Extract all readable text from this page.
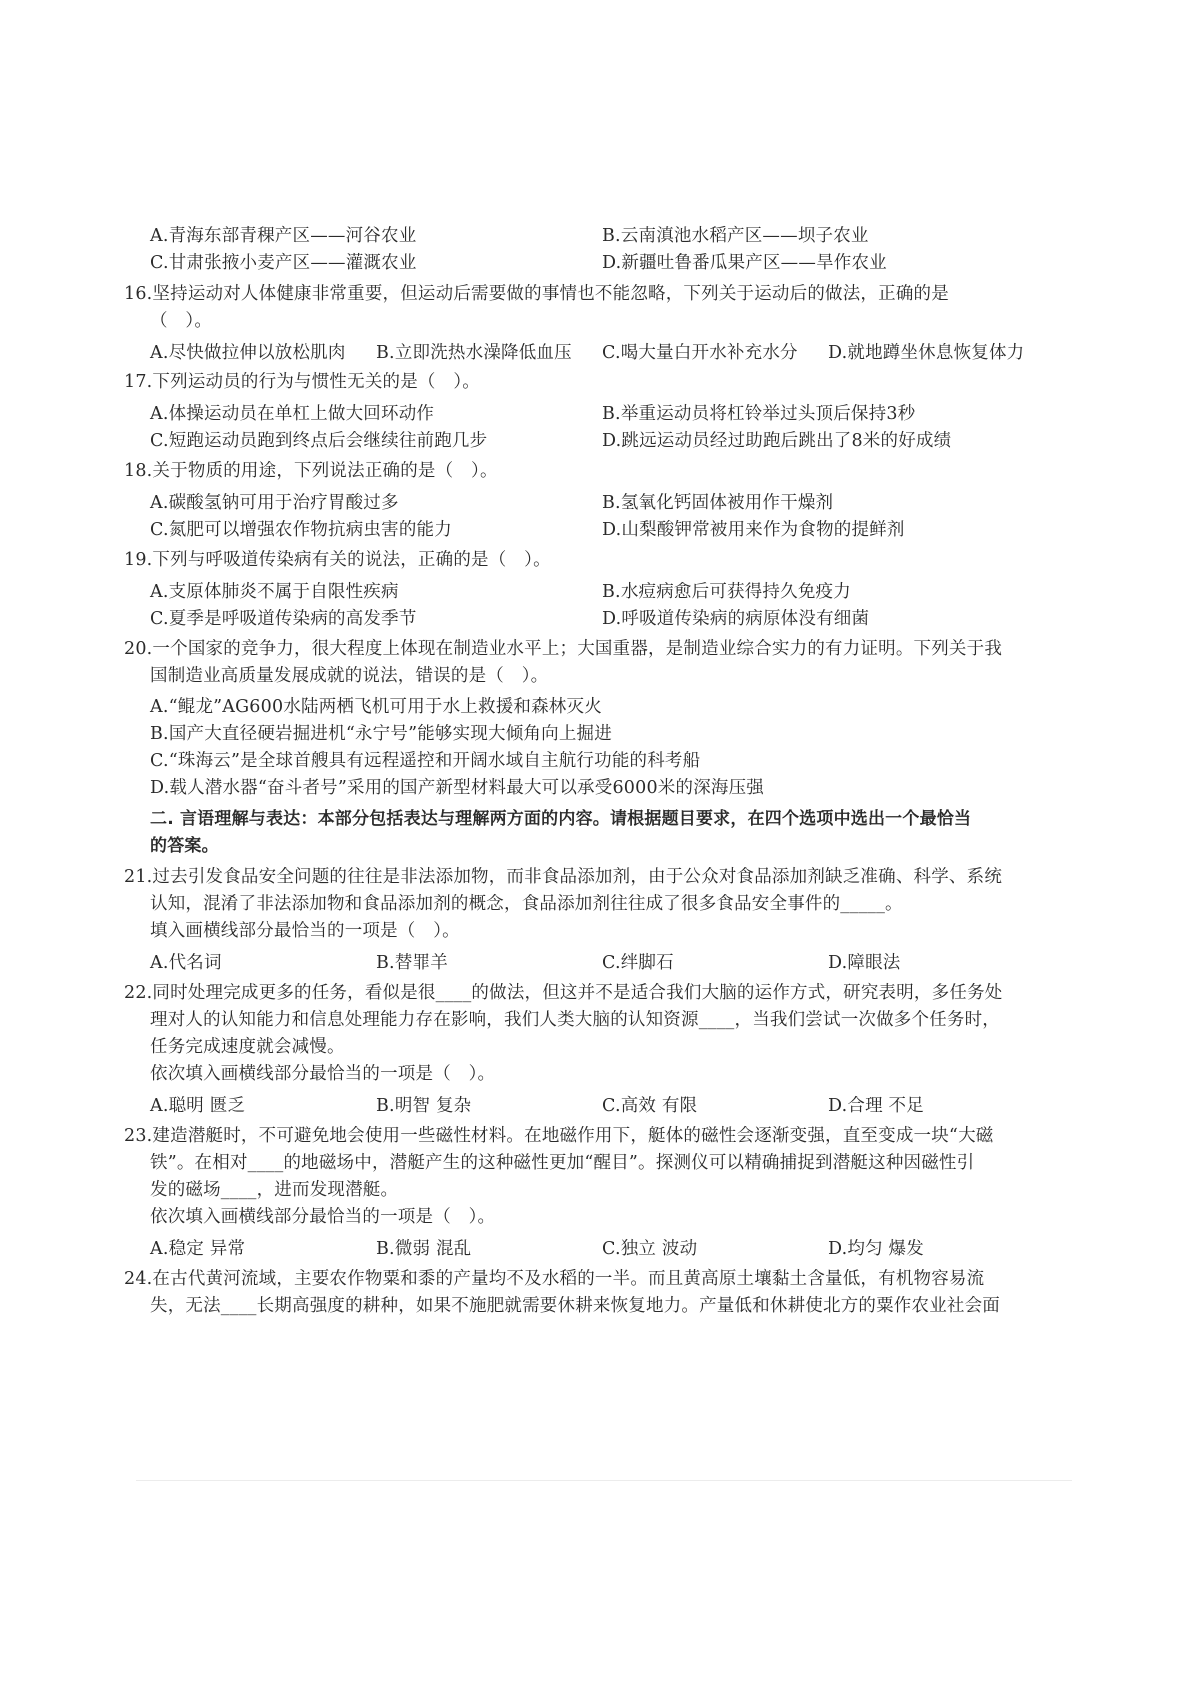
A.青海东部青稞产区——河谷农业	B.云南滇池水稻产区——坝子农业
C.甘肃张掖小麦产区——灌溉农业	D.新疆吐鲁番瓜果产区——旱作农业
16.坚持运动对人体健康非常重要，但运动后需要做的事情也不能忽略，下列关于运动后的做法，正确的是
（　）。
A.尽快做拉伸以放松肌肉 B.立即洗热水澡降低血压 C.喝大量白开水补充水分 D.就地蹲坐休息恢复体力
17.下列运动员的行为与惯性无关的是（　）。
A.体操运动员在单杠上做大回环动作	B.举重运动员将杠铃举过头顶后保持3秒
C.短跑运动员跑到终点后会继续往前跑几步	D.跳远运动员经过助跑后跳出了8米的好成绩
18.关于物质的用途，下列说法正确的是（　）。
A.碳酸氢钠可用于治疗胃酸过多	B.氢氧化钙固体被用作干燥剂
C.氮肥可以增强农作物抗病虫害的能力	D.山梨酸钾常被用来作为食物的提鲜剂
19.下列与呼吸道传染病有关的说法，正确的是（　）。
A.支原体肺炎不属于自限性疾病	B.水痘病愈后可获得持久免疫力
C.夏季是呼吸道传染病的高发季节	D.呼吸道传染病的病原体没有细菌
20.一个国家的竞争力，很大程度上体现在制造业水平上；大国重器，是制造业综合实力的有力证明。下列关于我
国制造业高质量发展成就的说法，错误的是（　）。
A.“鲲龙”AG600水陆两栖飞机可用于水上救援和森林灭火
B.国产大直径硬岩掘进机“永宁号”能够实现大倾角向上掘进
C.“珠海云”是全球首艘具有远程遥控和开阔水域自主航行功能的科考船
D.载人潜水器“奋斗者号”采用的国产新型材料最大可以承受6000米的深海压强
二. 言语理解与表达：本部分包括表达与理解两方面的内容。请根据题目要求，在四个选项中选出一个最恰当
的答案。
21.过去引发食品安全问题的往往是非法添加物，而非食品添加剂，由于公众对食品添加剂缺乏准确、科学、系统
认知，混淆了非法添加物和食品添加剂的概念，食品添加剂往往成了很多食品安全事件的_____。
填入画横线部分最恰当的一项是（　）。
A.代名词	B.替罪羊	C.绊脚石	D.障眼法
22.同时处理完成更多的任务，看似是很____的做法，但这并不是适合我们大脑的运作方式，研究表明，多任务处
理对人的认知能力和信息处理能力存在影响，我们人类大脑的认知资源____，当我们尝试一次做多个任务时，
任务完成速度就会减慢。
依次填入画横线部分最恰当的一项是（　）。
A.聪明 匮乏	B.明智 复杂	C.高效 有限	D.合理 不足
23.建造潜艇时，不可避免地会使用一些磁性材料。在地磁作用下，艇体的磁性会逐渐变强，直至变成一块“大磁
铁”。在相对____的地磁场中，潜艇产生的这种磁性更加“醒目”。探测仪可以精确捕捉到潜艇这种因磁性引
发的磁场____，进而发现潜艇。
依次填入画横线部分最恰当的一项是（　）。
A.稳定 异常	B.微弱 混乱	C.独立 波动	D.均匀 爆发
24.在古代黄河流域，主要农作物粟和黍的产量均不及水稻的一半。而且黄高原土壤黏土含量低，有机物容易流
失，无法____长期高强度的耕种，如果不施肥就需要休耕来恢复地力。产量低和休耕使北方的粟作农业社会面
